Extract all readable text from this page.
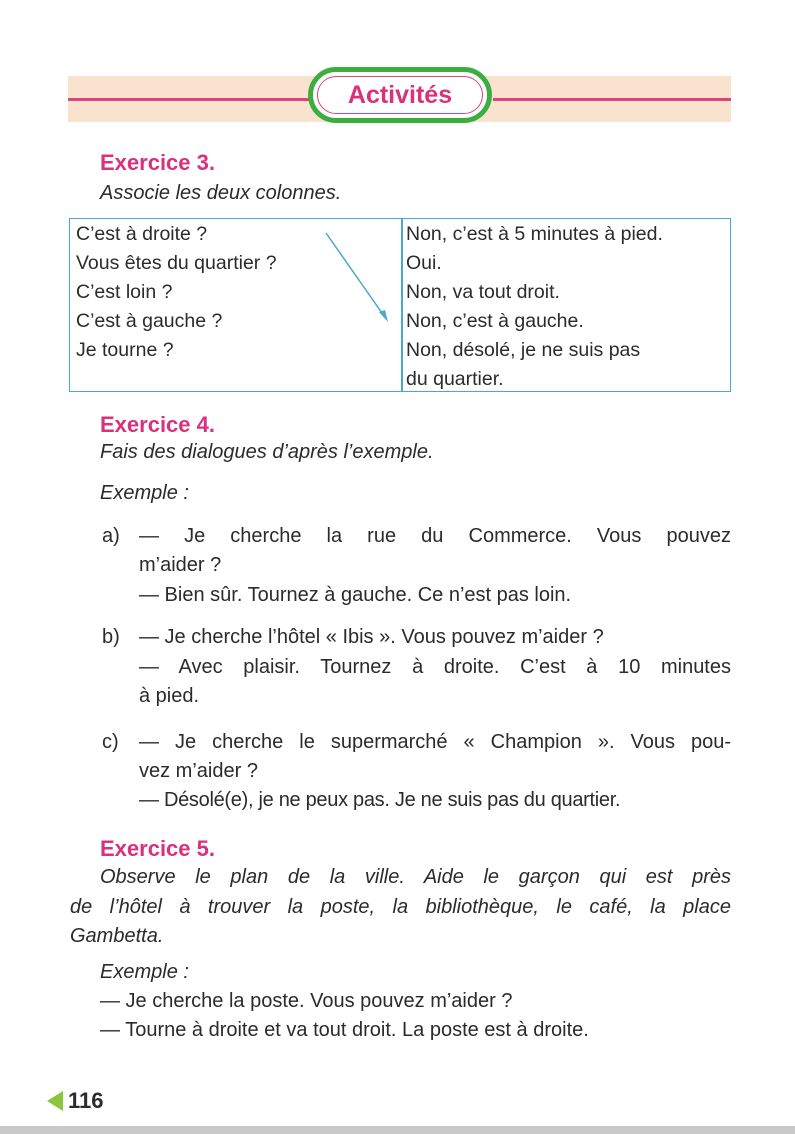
Activités
Exercice 3.
Associe les deux colonnes.
C’est à droite ?
Vous êtes du quartier ?
C’est loin ?
C’est à gauche ?
Je tourne ?
Non, c’est à 5 minutes à pied.
Oui.
Non, va tout droit.
Non, c’est à gauche.
Non, désolé, je ne suis pas
du quartier.
Exercice 4.
Fais des dialogues d’après l’exemple.
Exemple :
a) — Je cherche la rue du Commerce. Vous pouvez
m’aider ?
— Bien sûr. Tournez à gauche. Ce n’est pas loin.
b) — Je cherche l’hôtel « Ibis ». Vous pouvez m’aider ?
— Avec plaisir. Tournez à droite. C’est à 10 minutes
à pied.
c) — Je cherche le supermarché « Champion ». Vous pou-
vez m’aider ?
— Désolé(e), je ne peux pas. Je ne suis pas du quartier.
Exercice 5.
Observe le plan de la ville. Aide le garçon qui est près
de l’hôtel à trouver la poste, la bibliothèque, le café, la place
Gambetta.
Exemple :
— Je cherche la poste. Vous pouvez m’aider ?
— Tourne à droite et va tout droit. La poste est à droite.
116
